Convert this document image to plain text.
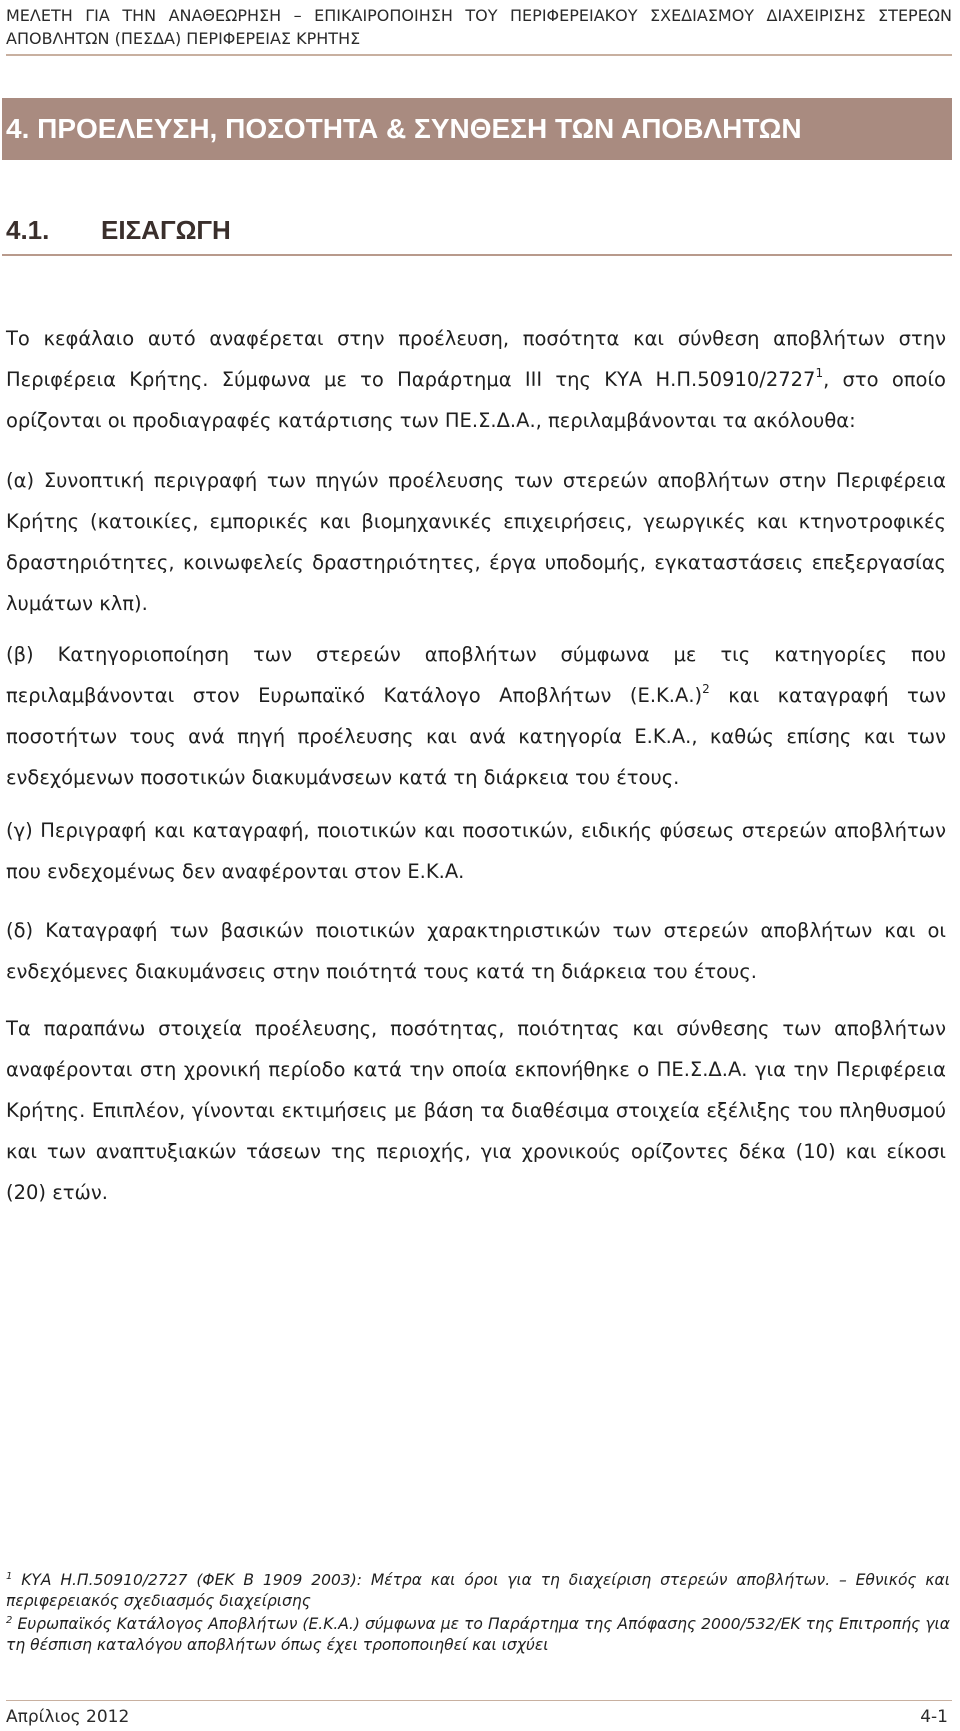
ΜΕΛΕΤΗ ΓΙΑ ΤΗΝ ΑΝΑΘΕΩΡΗΣΗ – ΕΠΙΚΑΙΡΟΠΟΙΗΣΗ ΤΟΥ ΠΕΡΙΦΕΡΕΙΑΚΟΥ ΣΧΕΔΙΑΣΜΟΥ ΔΙΑΧΕΙΡΙΣΗΣ ΣΤΕΡΕΩΝ ΑΠΟΒΛΗΤΩΝ (ΠΕΣΔΑ) ΠΕΡΙΦΕΡΕΙΑΣ ΚΡΗΤΗΣ
4. ΠΡΟΕΛΕΥΣΗ, ΠΟΣΟΤΗΤΑ & ΣΥΝΘΕΣΗ ΤΩΝ ΑΠΟΒΛΗΤΩΝ
4.1. ΕΙΣΑΓΩΓΗ

Το κεφάλαιο αυτό αναφέρεται στην προέλευση, ποσότητα και σύνθεση αποβλήτων στην Περιφέρεια Κρήτης. Σύμφωνα με το Παράρτημα ΙΙΙ της ΚΥΑ Η.Π.50910/2727$^1$, στο οποίο ορίζονται οι προδιαγραφές κατάρτισης των ΠΕ.Σ.Δ.Α., περιλαμβάνονται τα ακόλουθα:

(α) Συνοπτική περιγραφή των πηγών προέλευσης των στερεών αποβλήτων στην Περιφέρεια Κρήτης (κατοικίες, εμπορικές και βιομηχανικές επιχειρήσεις, γεωργικές και κτηνοτροφικές δραστηριότητες, κοινωφελείς δραστηριότητες, έργα υποδομής, εγκαταστάσεις επεξεργασίας λυμάτων κλπ).

(β) Κατηγοριοποίηση των στερεών αποβλήτων σύμφωνα με τις κατηγορίες που περιλαμβάνονται στον Ευρωπαϊκό Κατάλογο Αποβλήτων $(E.K.A.)^2$ και καταγραφή των ποσοτήτων τους ανά πηγή προέλευσης και ανά κατηγορία Ε.Κ.Α., καθώς επίσης και των ενδεχόμενων ποσοτικών διακυμάνσεων κατά τη διάρκεια του έτους.

(γ) Περιγραφή και καταγραφή, ποιοτικών και ποσοτικών, ειδικής φύσεως στερεών αποβλήτων που ενδεχομένως δεν αναφέρονται στον Ε.Κ.Α.

(δ) Καταγραφή των βασικών ποιοτικών χαρακτηριστικών των στερεών αποβλήτων και οι ενδεχόμενες διακυμάνσεις στην ποιότητά τους κατά τη διάρκεια του έτους.

Τα παραπάνω στοιχεία προέλευσης, ποσότητας, ποιότητας και σύνθεσης των αποβλήτων αναφέρονται στη χρονική περίοδο κατά την οποία εκπονήθηκε ο ΠΕ.Σ.Δ.Α. για την Περιφέρεια Κρήτης. Επιπλέον, γίνονται εκτιμήσεις με βάση τα διαθέσιμα στοιχεία εξέλιξης του πληθυσμού και των αναπτυξιακών τάσεων της περιοχής, για χρονικούς ορίζοντες δέκα (10) και είκοσι (20) ετών.

$^1$ ΚΥΑ Η.Π.50910/2727 (ΦΕΚ Β 1909 2003): Μέτρα και όροι για τη διαχείριση στερεών αποβλήτων. – Εθνικός και περιφερειακός σχεδιασμός διαχείρισης

$^2$ Ευρωπαϊκός Κατάλογος Αποβλήτων (Ε.Κ.Α.) σύμφωνα με το Παράρτημα της Απόφασης 2000/532/ΕΚ της Επιτροπής για τη θέσπιση καταλόγου αποβλήτων όπως έχει τροποποιηθεί και ισχύει

Απρίλιος 2012	4-1
